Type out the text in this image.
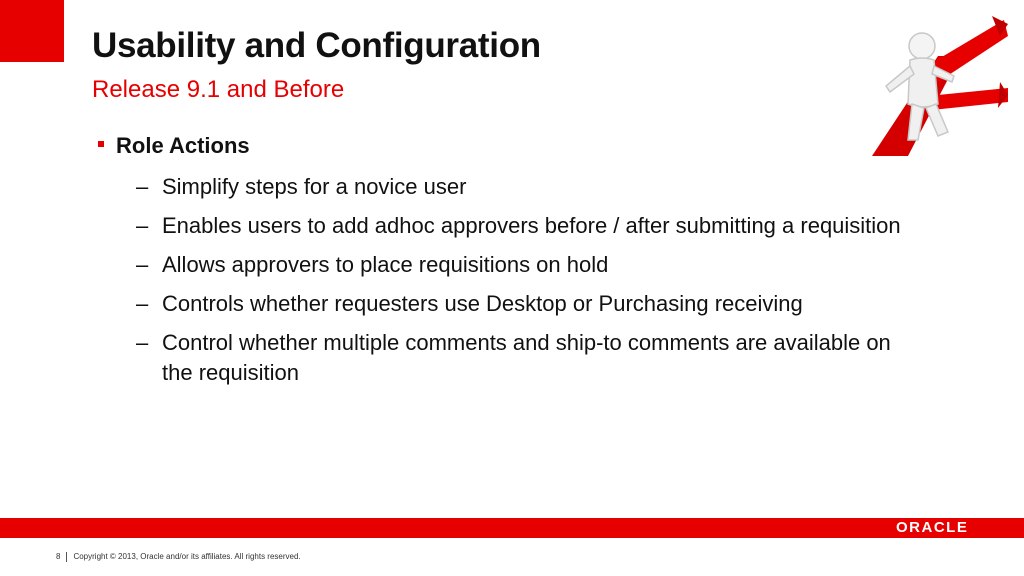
Usability and Configuration
Release 9.1 and Before
Role Actions
– Simplify steps for a novice user
– Enables users to add adhoc approvers before / after submitting a requisition
– Allows approvers to place requisitions on hold
– Controls whether requesters use Desktop or Purchasing receiving
– Control whether multiple comments and ship-to comments are available on the requisition
ORACLE
8 Copyright © 2013, Oracle and/or its affiliates. All rights reserved.
